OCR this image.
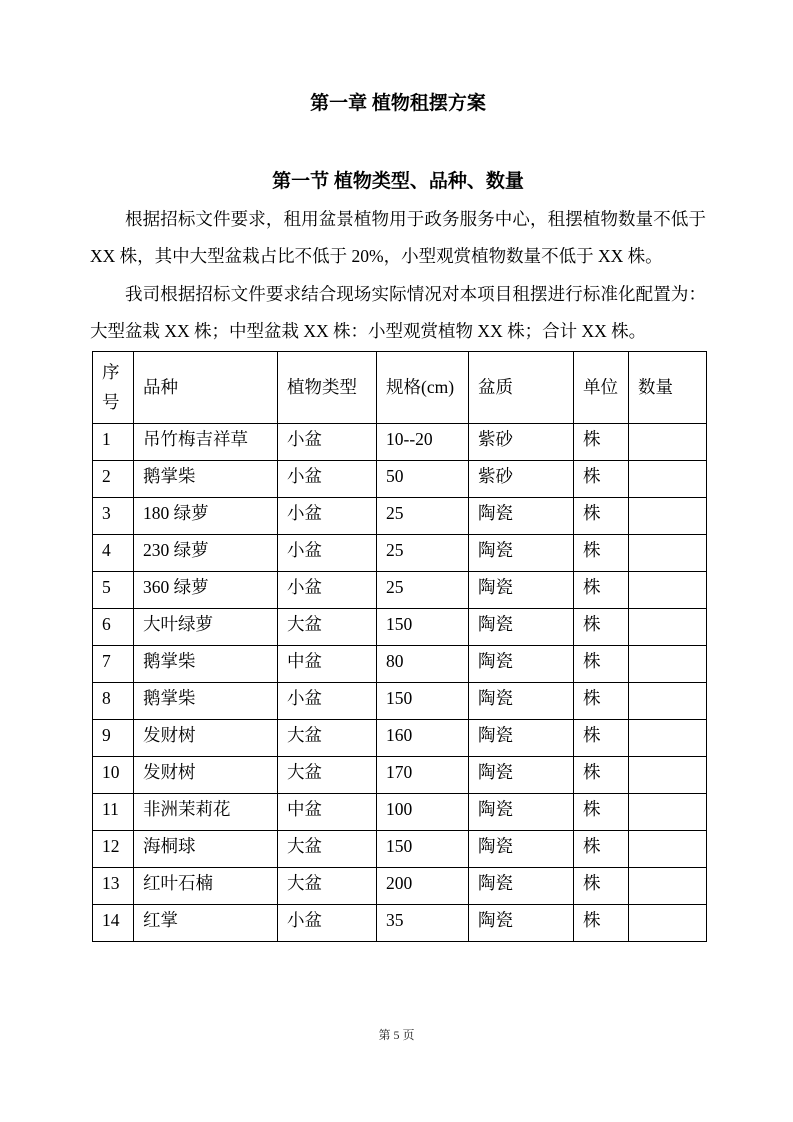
第一章 植物租摆方案
第一节 植物类型、品种、数量

根据招标文件要求，租用盆景植物用于政务服务中心，租摆植物数量不低于 XX 株，其中大型盆栽占比不低于 20%，小型观赏植物数量不低于 XX 株。

我司根据招标文件要求结合现场实际情况对本项目租摆进行标准化配置为：大型盆栽 XX 株；中型盆栽 XX 株：小型观赏植物 XX 株；合计 XX 株。

序号	品种	植物类型	规格(cm)	盆质	单位	数量
1	吊竹梅吉祥草	小盆	10--20	紫砂	株	
2	鹅掌柴	小盆	50	紫砂	株	
3	180 绿萝	小盆	25	陶瓷	株	
4	230 绿萝	小盆	25	陶瓷	株	
5	360 绿萝	小盆	25	陶瓷	株	
6	大叶绿萝	大盆	150	陶瓷	株	
7	鹅掌柴	中盆	80	陶瓷	株	
8	鹅掌柴	小盆	150	陶瓷	株	
9	发财树	大盆	160	陶瓷	株	
10	发财树	大盆	170	陶瓷	株	
11	非洲茉莉花	中盆	100	陶瓷	株	
12	海桐球	大盆	150	陶瓷	株	
13	红叶石楠	大盆	200	陶瓷	株	
14	红掌	小盆	35	陶瓷	株	
第 5 页
